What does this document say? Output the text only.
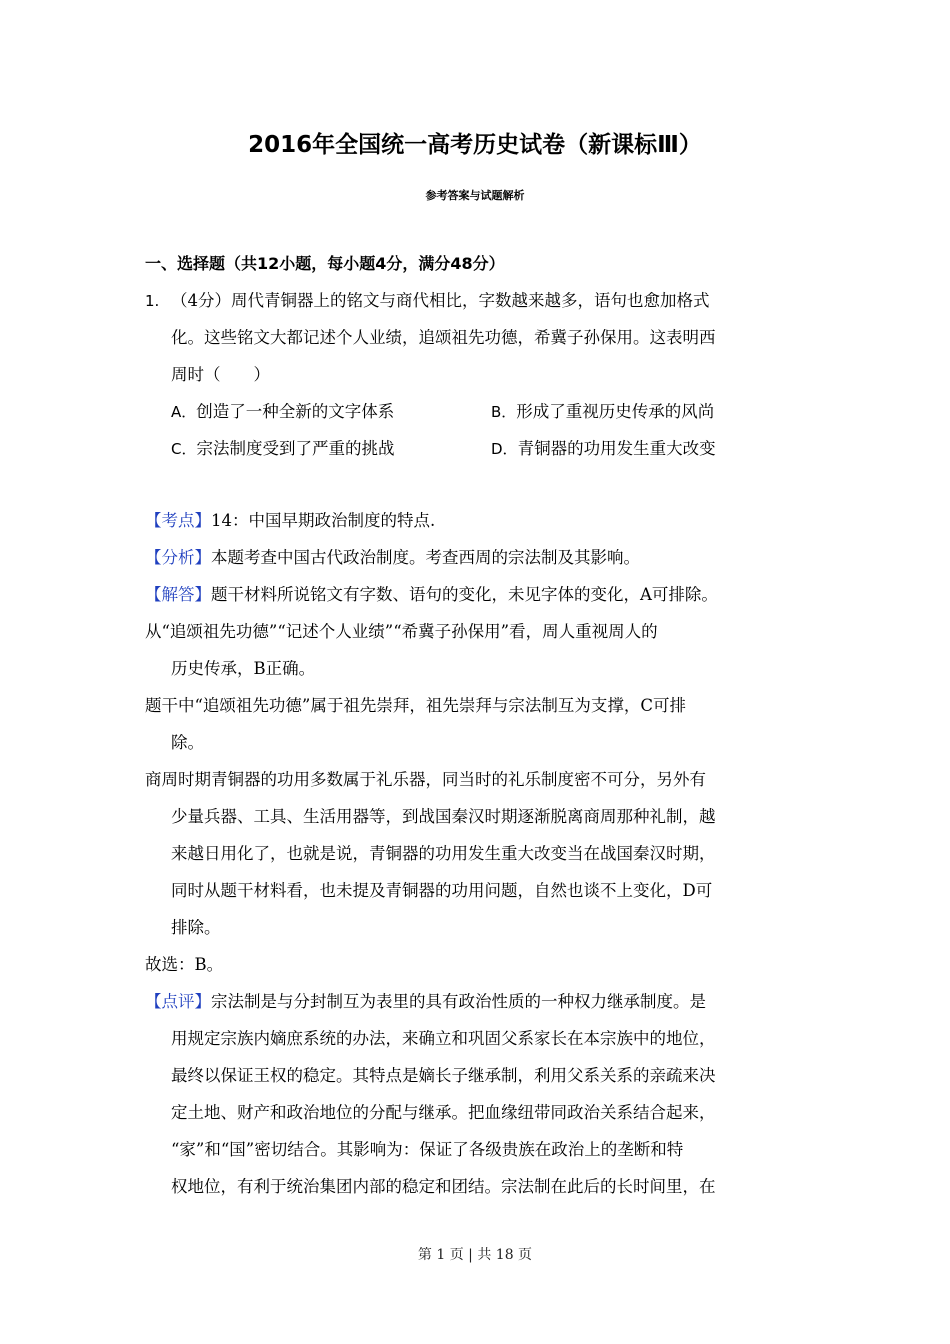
2016年全国统一高考历史试卷（新课标Ⅲ）
参考答案与试题解析
一、选择题（共12小题，每小题4分，满分48分）
1. （4分）周代青铜器上的铭文与商代相比，字数越来越多，语句也愈加格式
化。这些铭文大都记述个人业绩，追颂祖先功德，希冀子孙保用。这表明西
周时（　　）
A．创造了一种全新的文字体系	B．形成了重视历史传承的风尚
C．宗法制度受到了严重的挑战	D．青铜器的功用发生重大改变
【考点】14：中国早期政治制度的特点.
【分析】本题考查中国古代政治制度。考查西周的宗法制及其影响。
【解答】题干材料所说铭文有字数、语句的变化，未见字体的变化，A可排除。
从“追颂祖先功德”“记述个人业绩”“希冀子孙保用”看，周人重视周人的
历史传承，B正确。
题干中“追颂祖先功德”属于祖先崇拜，祖先崇拜与宗法制互为支撑，C可排
除。
商周时期青铜器的功用多数属于礼乐器，同当时的礼乐制度密不可分，另外有
少量兵器、工具、生活用器等，到战国秦汉时期逐渐脱离商周那种礼制，越
来越日用化了，也就是说，青铜器的功用发生重大改变当在战国秦汉时期，
同时从题干材料看，也未提及青铜器的功用问题，自然也谈不上变化，D可
排除。
故选：B。
【点评】宗法制是与分封制互为表里的具有政治性质的一种权力继承制度。是
用规定宗族内嫡庶系统的办法，来确立和巩固父系家长在本宗族中的地位，
最终以保证王权的稳定。其特点是嫡长子继承制，利用父系关系的亲疏来决
定土地、财产和政治地位的分配与继承。把血缘纽带同政治关系结合起来，
“家”和“国”密切结合。其影响为：保证了各级贵族在政治上的垄断和特
权地位，有利于统治集团内部的稳定和团结。宗法制在此后的长时间里，在
第 1 页 | 共 18 页
